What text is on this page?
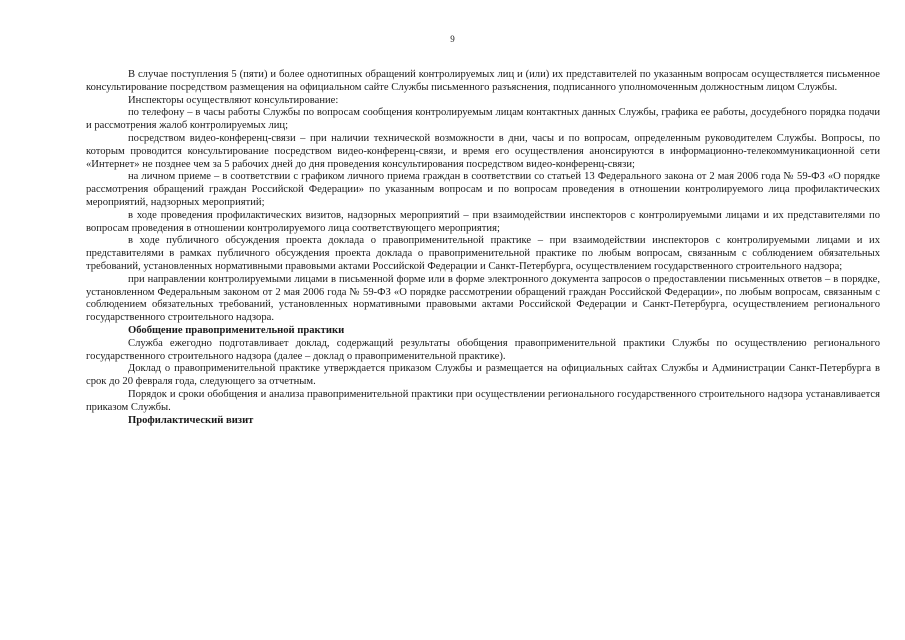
9

В случае поступления 5 (пяти) и более однотипных обращений контролируемых лиц и (или) их представителей по указанным вопросам осуществляется письменное консультирование посредством размещения на официальном сайте Службы письменного разъяснения, подписанного уполномоченным должностным лицом Службы.

Инспекторы осуществляют консультирование:

по телефону – в часы работы Службы по вопросам сообщения контролируемым лицам контактных данных Службы, графика ее работы, досудебного порядка подачи и рассмотрения жалоб контролируемых лиц;

посредством видео-конференц-связи – при наличии технической возможности в дни, часы и по вопросам, определенным руководителем Службы. Вопросы, по которым проводится консультирование посредством видео-конференц-связи, и время его осуществления анонсируются в информационно-телекоммуникационной сети «Интернет» не позднее чем за 5 рабочих дней до дня проведения консультирования посредством видео-конференц-связи;

на личном приеме – в соответствии с графиком личного приема граждан в соответствии со статьей 13 Федерального закона от 2 мая 2006 года № 59-ФЗ «О порядке рассмотрения обращений граждан Российской Федерации» по указанным вопросам и по вопросам проведения в отношении контролируемого лица профилактических мероприятий, надзорных мероприятий;

в ходе проведения профилактических визитов, надзорных мероприятий – при взаимодействии инспекторов с контролируемыми лицами и их представителями по вопросам проведения в отношении контролируемого лица соответствующего мероприятия;

в ходе публичного обсуждения проекта доклада о правоприменительной практике – при взаимодействии инспекторов с контролируемыми лицами и их представителями в рамках публичного обсуждения проекта доклада о правоприменительной практике по любым вопросам, связанным с соблюдением обязательных требований, установленных нормативными правовыми актами Российской Федерации и Санкт-Петербурга, осуществлением государственного строительного надзора;

при направлении контролируемыми лицами в письменной форме или в форме электронного документа запросов о предоставлении письменных ответов – в порядке, установленном Федеральным законом от 2 мая 2006 года № 59-ФЗ «О порядке рассмотрении обращений граждан Российской Федерации», по любым вопросам, связанным с соблюдением обязательных требований, установленных нормативными правовыми актами Российской Федерации и Санкт-Петербурга, осуществлением регионального государственного строительного надзора.

Обобщение правоприменительной практики

Служба ежегодно подготавливает доклад, содержащий результаты обобщения правоприменительной практики Службы по осуществлению регионального государственного строительного надзора (далее – доклад о правоприменительной практике).

Доклад о правоприменительной практике утверждается приказом Службы и размещается на официальных сайтах Службы и Администрации Санкт-Петербурга в срок до 20 февраля года, следующего за отчетным.

Порядок и сроки обобщения и анализа правоприменительной практики при осуществлении регионального государственного строительного надзора устанавливается приказом Службы.

Профилактический визит
